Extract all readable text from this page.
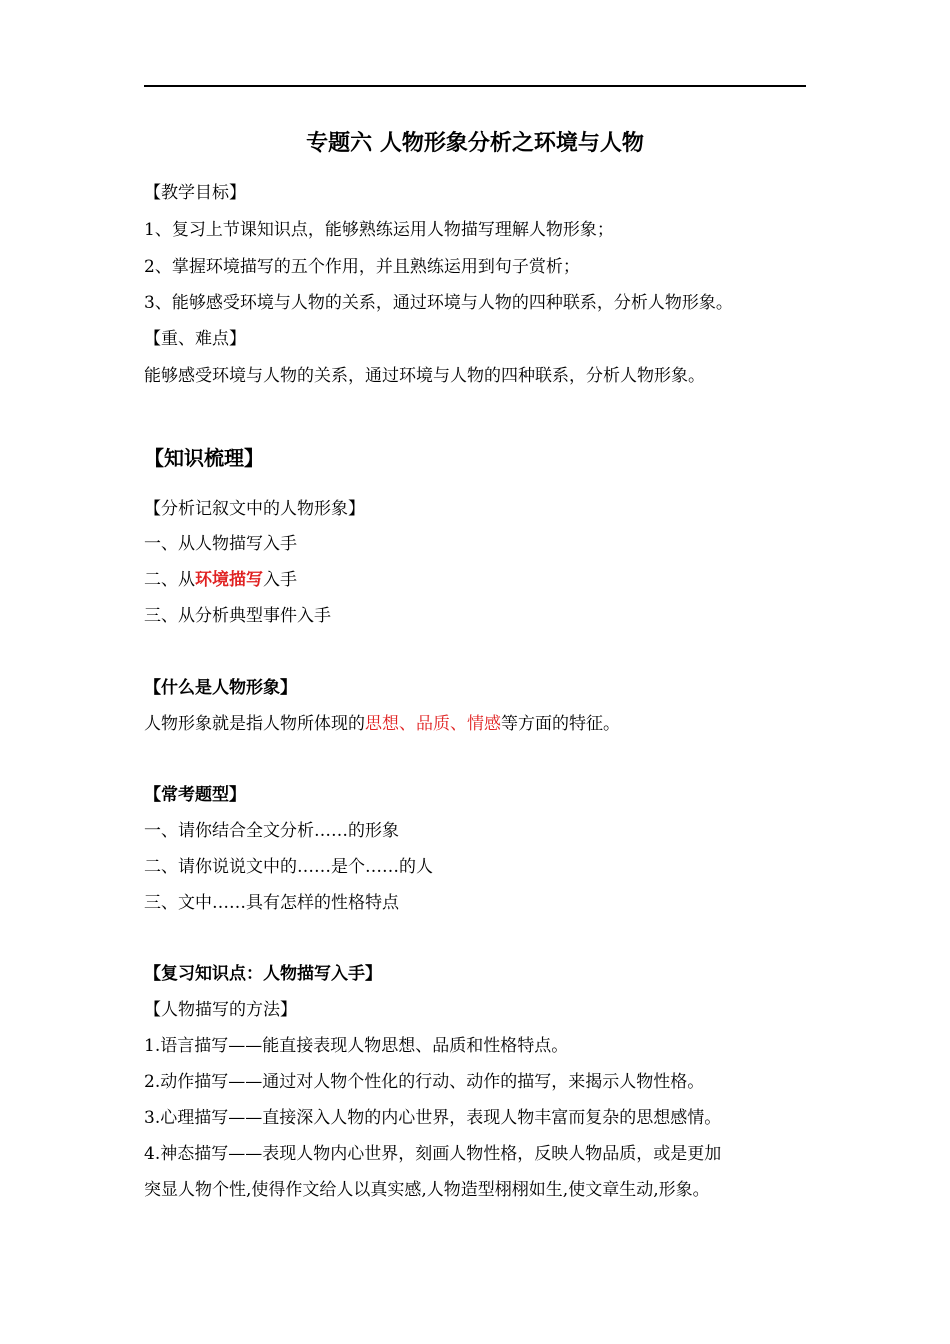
专题六 人物形象分析之环境与人物
【教学目标】
1、复习上节课知识点，能够熟练运用人物描写理解人物形象；
2、掌握环境描写的五个作用，并且熟练运用到句子赏析；
3、能够感受环境与人物的关系，通过环境与人物的四种联系，分析人物形象。
【重、难点】
能够感受环境与人物的关系，通过环境与人物的四种联系，分析人物形象。
【知识梳理】
【分析记叙文中的人物形象】
一、从人物描写入手
二、从环境描写入手
三、从分析典型事件入手
【什么是人物形象】
人物形象就是指人物所体现的思想、品质、情感等方面的特征。
【常考题型】
一、请你结合全文分析……的形象
二、请你说说文中的……是个……的人
三、文中……具有怎样的性格特点
【复习知识点：人物描写入手】
【人物描写的方法】
1.语言描写——能直接表现人物思想、品质和性格特点。
2.动作描写——通过对人物个性化的行动、动作的描写，来揭示人物性格。
3.心理描写——直接深入人物的内心世界，表现人物丰富而复杂的思想感情。
4.神态描写——表现人物内心世界，刻画人物性格，反映人物品质，或是更加
突显人物个性,使得作文给人以真实感,人物造型栩栩如生,使文章生动,形象。
